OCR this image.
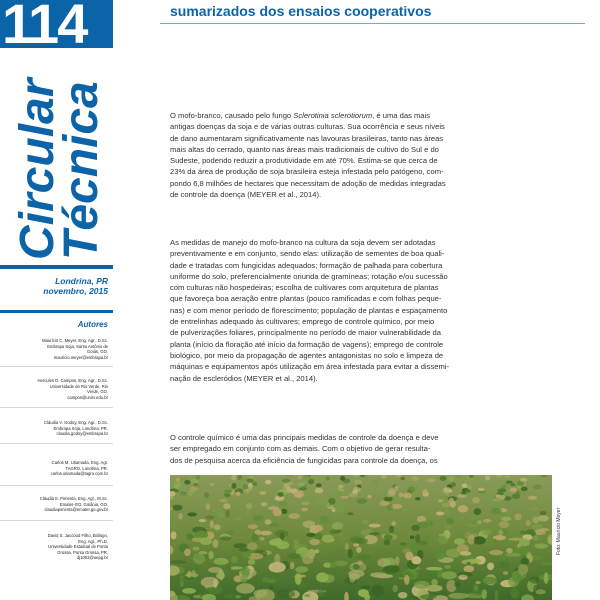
114
Circular
Técnica
Londrina, PR
novembro, 2015
Autores
Maurício C. Meyer, Eng. Agr., D.Sc.
Embrapa Soja, Santo Antônio de
Goiás, GO.
mauricio.meyer@embrapa.br
Hercules D. Campos, Eng. Agr., D.Sc.
Universidade de Rio Verde, Rio
Verde, GO.
campos@unirv.edu.br
Cláudia V. Godoy, Eng. Agr., D.Sc.
Embrapa Soja, Londrina, PR.
claudia.godoy@embrapa.br
Carlos M. Utiamada, Eng. Agr.
TAGRO, Londrina, PR.
carlos.utiamada@tagro.com.br
Cláudia E. Pimenta, Eng. Agr., M.Sc.
Emater-GO, Goiânia, GO.
claudiapimenta@emater.go.gov.br
David S. Jaccoud Filho, Biólogo,
Eng. Agr., Ph.D.
Universidade Estadual de Ponta
Grossa, Ponta Grossa, PR.
dj1002@uepg.br
sumarizados dos ensaios cooperativos
O mofo-branco, causado pelo fungo Sclerotinia sclerotiorum, é uma das mais
antigas doenças da soja e de várias outras culturas. Sua ocorrência e seus níveis
de dano aumentaram significativamente nas lavouras brasileiras, tanto nas áreas
mais altas do cerrado, quanto nas áreas mais tradicionais de cultivo do Sul e do
Sudeste, podendo reduzir a produtividade em até 70%. Estima-se que cerca de
23% da área de produção de soja brasileira esteja infestada pelo patógeno, com-
pondo 6,8 milhões de hectares que necessitam de adoção de medidas integradas
de controle da doença (MEYER et al., 2014).
As medidas de manejo do mofo-branco na cultura da soja devem ser adotadas
preventivamente e em conjunto, sendo elas: utilização de sementes de boa quali-
dade e tratadas com fungicidas adequados; formação de palhada para cobertura
uniforme do solo, preferencialmente oriunda de gramíneas; rotação e/ou sucessão
com culturas não hospedeiras; escolha de cultivares com arquitetura de plantas
que favoreça boa aeração entre plantas (pouco ramificadas e com folhas peque-
nas) e com menor período de florescimento; população de plantas e espaçamento
de entrelinhas adequado às cultivares; emprego de controle químico, por meio
de pulverizações foliares, principalmente no período de maior vulnerabilidade da
planta (início da floração até início da formação de vagens); emprego de controle
biológico, por meio da propagação de agentes antagonistas no solo e limpeza de
máquinas e equipamentos após utilização em área infestada para evitar a dissemi-
nação de escleródios (MEYER et al., 2014).
O controle químico é uma das principais medidas de controle da doença e deve
ser empregado em conjunto com as demais. Com o objetivo de gerar resulta-
dos de pesquisa acerca da eficiência de fungicidas para controle da doença, os
Foto: Maurício Meyer
